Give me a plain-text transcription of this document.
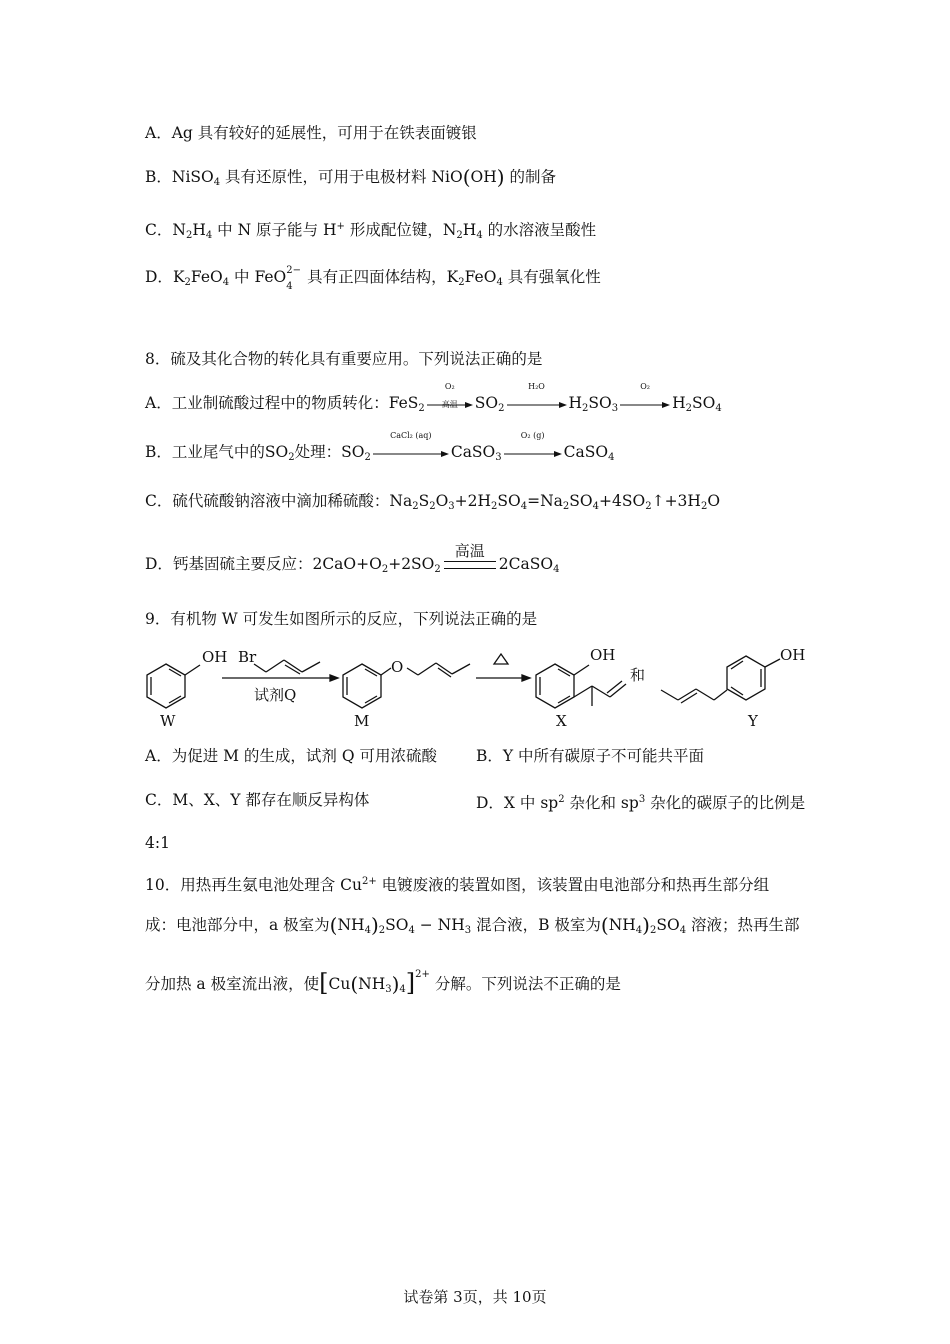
A．Ag 具有较好的延展性，可用于在铁表面镀银
B．NiSO$_4$ 具有还原性，可用于电极材料 NiO(OH) 的制备
C．$N_2H_4$ 中 N 原子能与 H+ 形成配位键，$N_2H_4$ 的水溶液呈酸性
D．$K_2FeO_4$ 中 FeO 2−
4
具有正四面体结构，$K_2FeO_4$ 具有强氧化性
8．硫及其化合物的转化具有重要应用。下列说法正确的是
A．工业制硫酸过程中的物质转化：FeS$_2$
O₂
高温	$SO_2$
H₂O
$H_2SO_3$
O₂
$H_2SO_4$
B．工业尾气中的$SO_2$处理：$SO_2$
CaCl₂ (aq)
CaSO$_3$
O₂ (g)
CaSO$_4$
C．硫代硫酸钠溶液中滴加稀硫酸：$Na_2S_2O_3+2H_2SO_4=Na_2SO_4+4SO_2↑+3H_2O$
D．钙基固硫主要反应：$2CaO+O_2+2SO_2$
高温
2CaSO$_4$
9．有机物 W 可发生如图所示的反应，下列说法正确的是
OH Br
试剂Q
O
OH
和
OH
W	M	X	Y
A．为促进 M 的生成，试剂 Q 可用浓硫酸	B．Y 中所有碳原子不可能共平面
C．M、X、Y 都存在顺反异构体	D．X 中 $sp^2$ 杂化和 $sp^3$ 杂化的碳原子的比例是
4:1
10．用热再生氨电池处理含 $Cu^{2+}$ 电镀废液的装置如图，该装置由电池部分和热再生部分组
成：电池部分中，a 极室为$(NH_4)_2SO_4 - NH_3$ 混合液，B 极室为$(NH_4)_2SO_4$ 溶液；热再生部
分加热 a 极室流出液，使$[Cu(NH_3)_4]^{2+}$ 分解。下列说法不正确的是
试卷第 3页，共 10页
